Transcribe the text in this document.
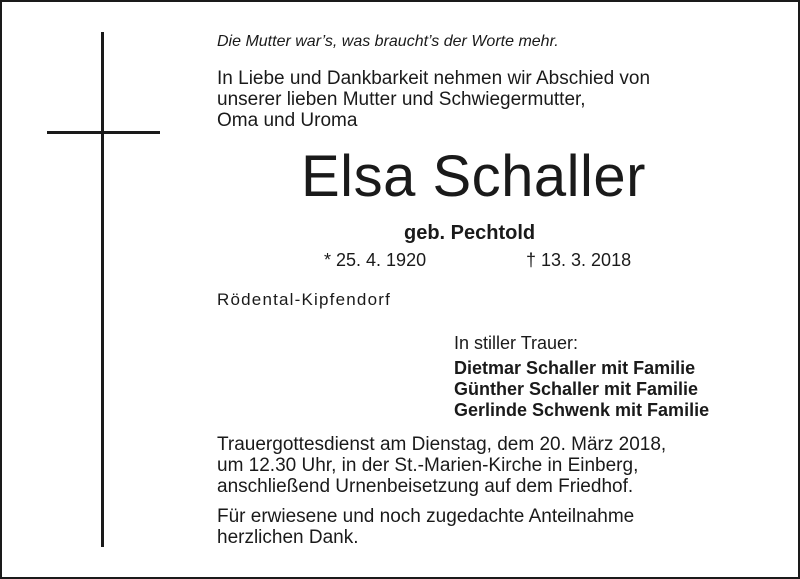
Die Mutter war’s, was braucht’s der Worte mehr.
In Liebe und Dankbarkeit nehmen wir Abschied von
unserer lieben Mutter und Schwiegermutter,
Oma und Uroma
Elsa Schaller
geb. Pechtold
* 25. 4. 1920	† 13. 3. 2018
Rödental-Kipfendorf
In stiller Trauer:
Dietmar Schaller mit Familie
Günther Schaller mit Familie
Gerlinde Schwenk mit Familie
Trauergottesdienst am Dienstag, dem 20. März 2018,
um 12.30 Uhr, in der St.-Marien-Kirche in Einberg,
anschließend Urnenbeisetzung auf dem Friedhof.
Für erwiesene und noch zugedachte Anteilnahme
herzlichen Dank.
